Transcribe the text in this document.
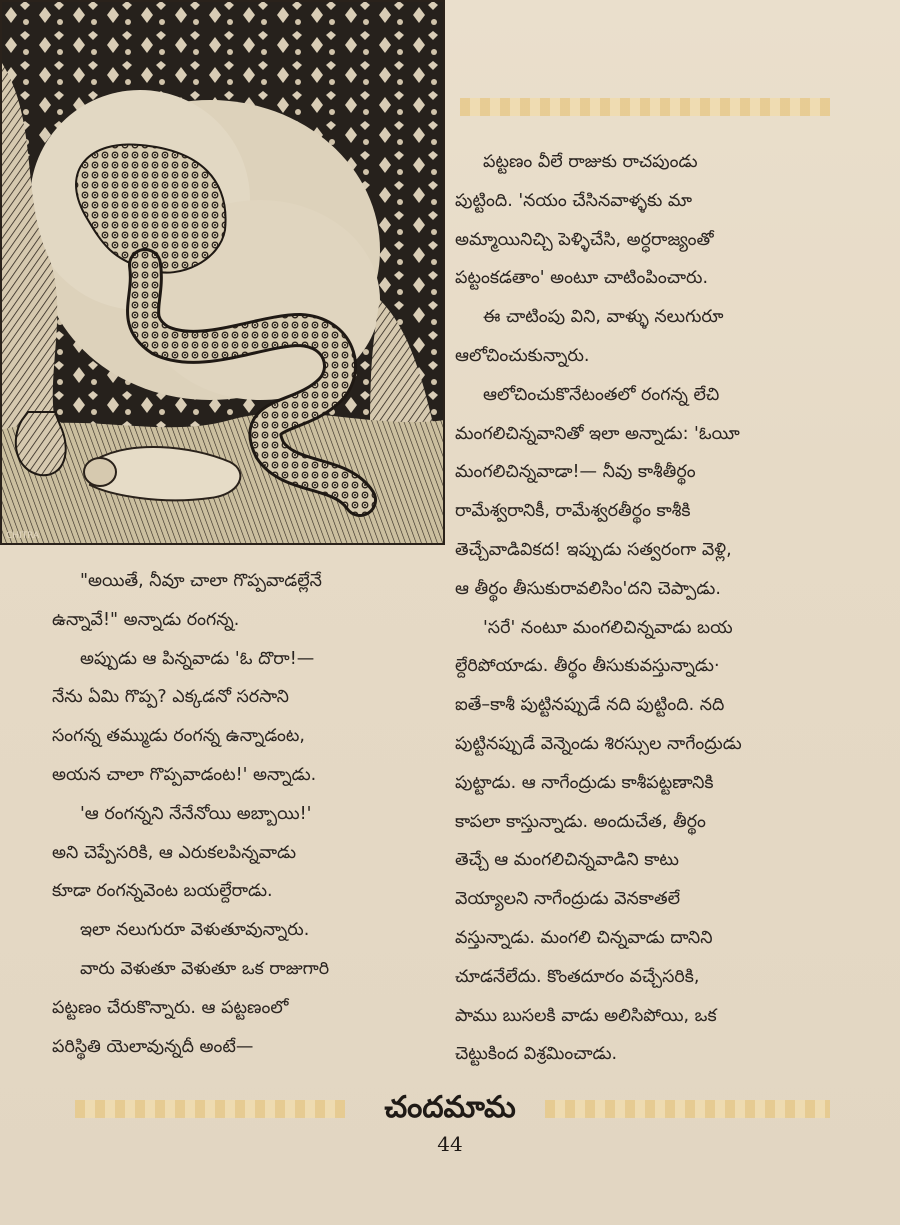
CHITRA
పట్టణం వీలే రాజుకు రాచపుండు
పుట్టింది. 'నయం చేసినవాళ్ళకు మా
అమ్మాయినిచ్చి పెళ్ళిచేసి, అర్ధరాజ్యంతో
పట్టంకడతాం' అంటూ చాటింపించారు.
ఈ చాటింపు విని, వాళ్ళు నలుగురూ
ఆలోచించుకున్నారు.
ఆలోచించుకొనేటంతలో రంగన్న లేచి
మంగలిచిన్నవానితో ఇలా అన్నాడు: 'ఓయీ
మంగలిచిన్నవాడా!— నీవు కాశీతీర్థం
రామేశ్వరానికీ, రామేశ్వరతీర్థం కాశీకి
తెచ్చేవాడివికద! ఇప్పుడు సత్వరంగా వెళ్లి,
ఆ తీర్థం తీసుకురావలిసిం'దని చెప్పాడు.
'సరే' నంటూ మంగలిచిన్నవాడు బయ
ల్దేరిపోయాడు. తీర్థం తీసుకువస్తున్నాడు·
ఐతే–కాశీ పుట్టినప్పుడే నది పుట్టింది. నది
పుట్టినప్పుడే వెన్నెండు శిరస్సుల నాగేంద్రుడు
పుట్టాడు. ఆ నాగేంద్రుడు కాశీపట్టణానికి
కాపలా కాస్తున్నాడు. అందుచేత, తీర్థం
తెచ్చే ఆ మంగలిచిన్నవాడిని కాటు
వెయ్యాలని నాగేంద్రుడు వెనకాతలే
వస్తున్నాడు. మంగలి చిన్నవాడు దానిని
చూడనేలేదు. కొంతదూరం వచ్చేసరికి,
పాము బుసలకి వాడు అలిసిపోయి, ఒక
చెట్టుకింద విశ్రమించాడు.
"అయితే, నీవూ చాలా గొప్పవాడల్లేనే
ఉన్నావే!" అన్నాడు రంగన్న.
అప్పుడు ఆ పిన్నవాడు 'ఓ దొరా!—
నేను ఏమి గొప్ప? ఎక్కడనో సరసాని
సంగన్న తమ్ముడు రంగన్న ఉన్నాడంట,
అయన చాలా గొప్పవాడంట!' అన్నాడు.
'ఆ రంగన్నని నేనేనోయి అబ్బాయి!'
అని చెప్పేసరికి, ఆ ఎరుకలపిన్నవాడు
కూడా రంగన్నవెంట బయల్దేరాడు.
ఇలా నలుగురూ వెళుతూవున్నారు.
వారు వెళుతూ వెళుతూ ఒక రాజుగారి
పట్టణం చేరుకొన్నారు. ఆ పట్టణంలో
పరిస్థితి యెలావున్నదీ అంటే—
చందమామ
44
